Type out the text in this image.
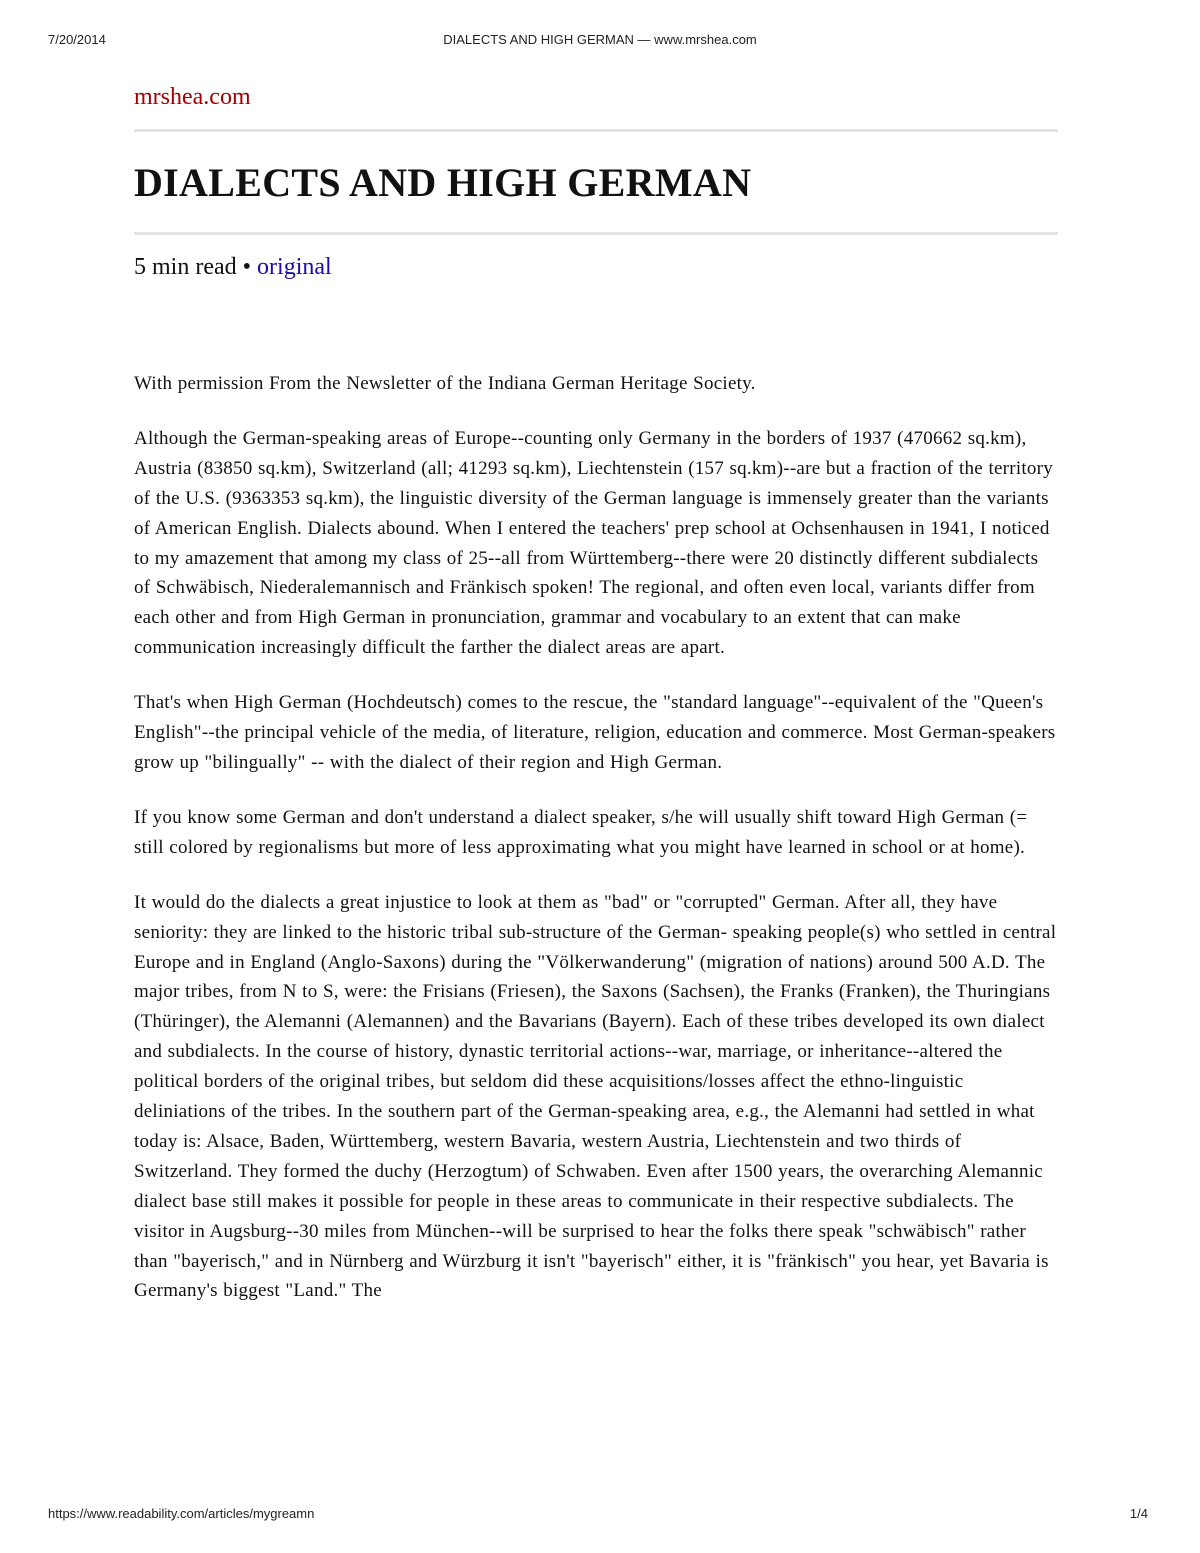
7/20/2014	DIALECTS AND HIGH GERMAN — www.mrshea.com
mrshea.com
DIALECTS AND HIGH GERMAN
5 min read • original

With permission From the Newsletter of the Indiana German Heritage Society.

Although the German-speaking areas of Europe--counting only Germany in the borders of 1937 (470662 sq.km), Austria (83850 sq.km), Switzerland (all; 41293 sq.km), Liechtenstein (157 sq.km)--are but a fraction of the territory of the U.S. (9363353 sq.km), the linguistic diversity of the German language is immensely greater than the variants of American English. Dialects abound. When I entered the teachers' prep school at Ochsenhausen in 1941, I noticed to my amazement that among my class of 25--all from Württemberg--there were 20 distinctly different subdialects of Schwäbisch, Niederalemannisch and Fränkisch spoken! The regional, and often even local, variants differ from each other and from High German in pronunciation, grammar and vocabulary to an extent that can make communication increasingly difficult the farther the dialect areas are apart.

That's when High German (Hochdeutsch) comes to the rescue, the "standard language"--equivalent of the "Queen's English"--the principal vehicle of the media, of literature, religion, education and commerce. Most German-speakers grow up "bilingually" -- with the dialect of their region and High German.

If you know some German and don't understand a dialect speaker, s/he will usually shift toward High German (= still colored by regionalisms but more of less approximating what you might have learned in school or at home).

It would do the dialects a great injustice to look at them as "bad" or "corrupted" German. After all, they have seniority: they are linked to the historic tribal sub-structure of the German- speaking people(s) who settled in central Europe and in England (Anglo-Saxons) during the "Völkerwanderung" (migration of nations) around 500 A.D. The major tribes, from N to S, were: the Frisians (Friesen), the Saxons (Sachsen), the Franks (Franken), the Thuringians (Thüringer), the Alemanni (Alemannen) and the Bavarians (Bayern). Each of these tribes developed its own dialect and subdialects. In the course of history, dynastic territorial actions--war, marriage, or inheritance--altered the political borders of the original tribes, but seldom did these acquisitions/losses affect the ethno-linguistic deliniations of the tribes. In the southern part of the German-speaking area, e.g., the Alemanni had settled in what today is: Alsace, Baden, Württemberg, western Bavaria, western Austria, Liechtenstein and two thirds of Switzerland. They formed the duchy (Herzogtum) of Schwaben. Even after 1500 years, the overarching Alemannic dialect base still makes it possible for people in these areas to communicate in their respective subdialects. The visitor in Augsburg--30 miles from München--will be surprised to hear the folks there speak "schwäbisch" rather than "bayerisch," and in Nürnberg and Würzburg it isn't "bayerisch" either, it is "fränkisch" you hear, yet Bavaria is Germany's biggest "Land." The

https://www.readability.com/articles/mygreamn	1/4
